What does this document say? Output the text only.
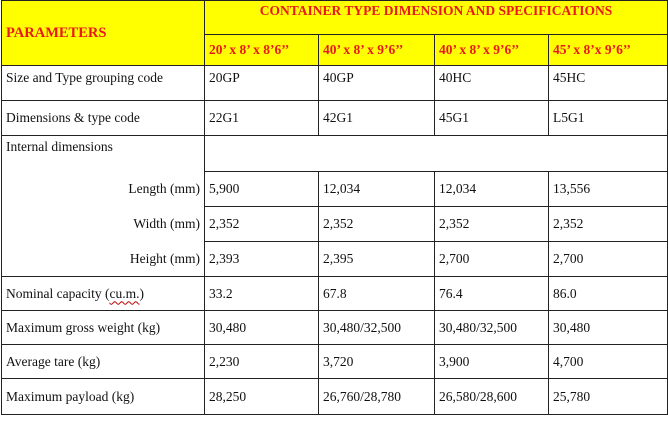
PARAMETERS	CONTAINER TYPE DIMENSION AND SPECIFICATIONS			
	20’ x 8’ x 8’6’’	40’ x 8’ x 9’6’’	40’ x 8’ x 9’6’’	45’ x 8’x 9’6’’
Size and Type grouping code	20GP	40GP	40HC	45HC
Dimensions & type code	22G1	42G1	45G1	L5G1
Internal dimensions				
Length (mm)	5,900	12,034	12,034	13,556
Width (mm)	2,352	2,352	2,352	2,352
Height (mm)	2,393	2,395	2,700	2,700
Nominal capacity (cu.m.)	33.2	67.8	76.4	86.0
Maximum gross weight (kg)	30,480	30,480/32,500	30,480/32,500	30,480
Average tare (kg)	2,230	3,720	3,900	4,700
Maximum payload (kg)	28,250	26,760/28,780	26,580/28,600	25,780
